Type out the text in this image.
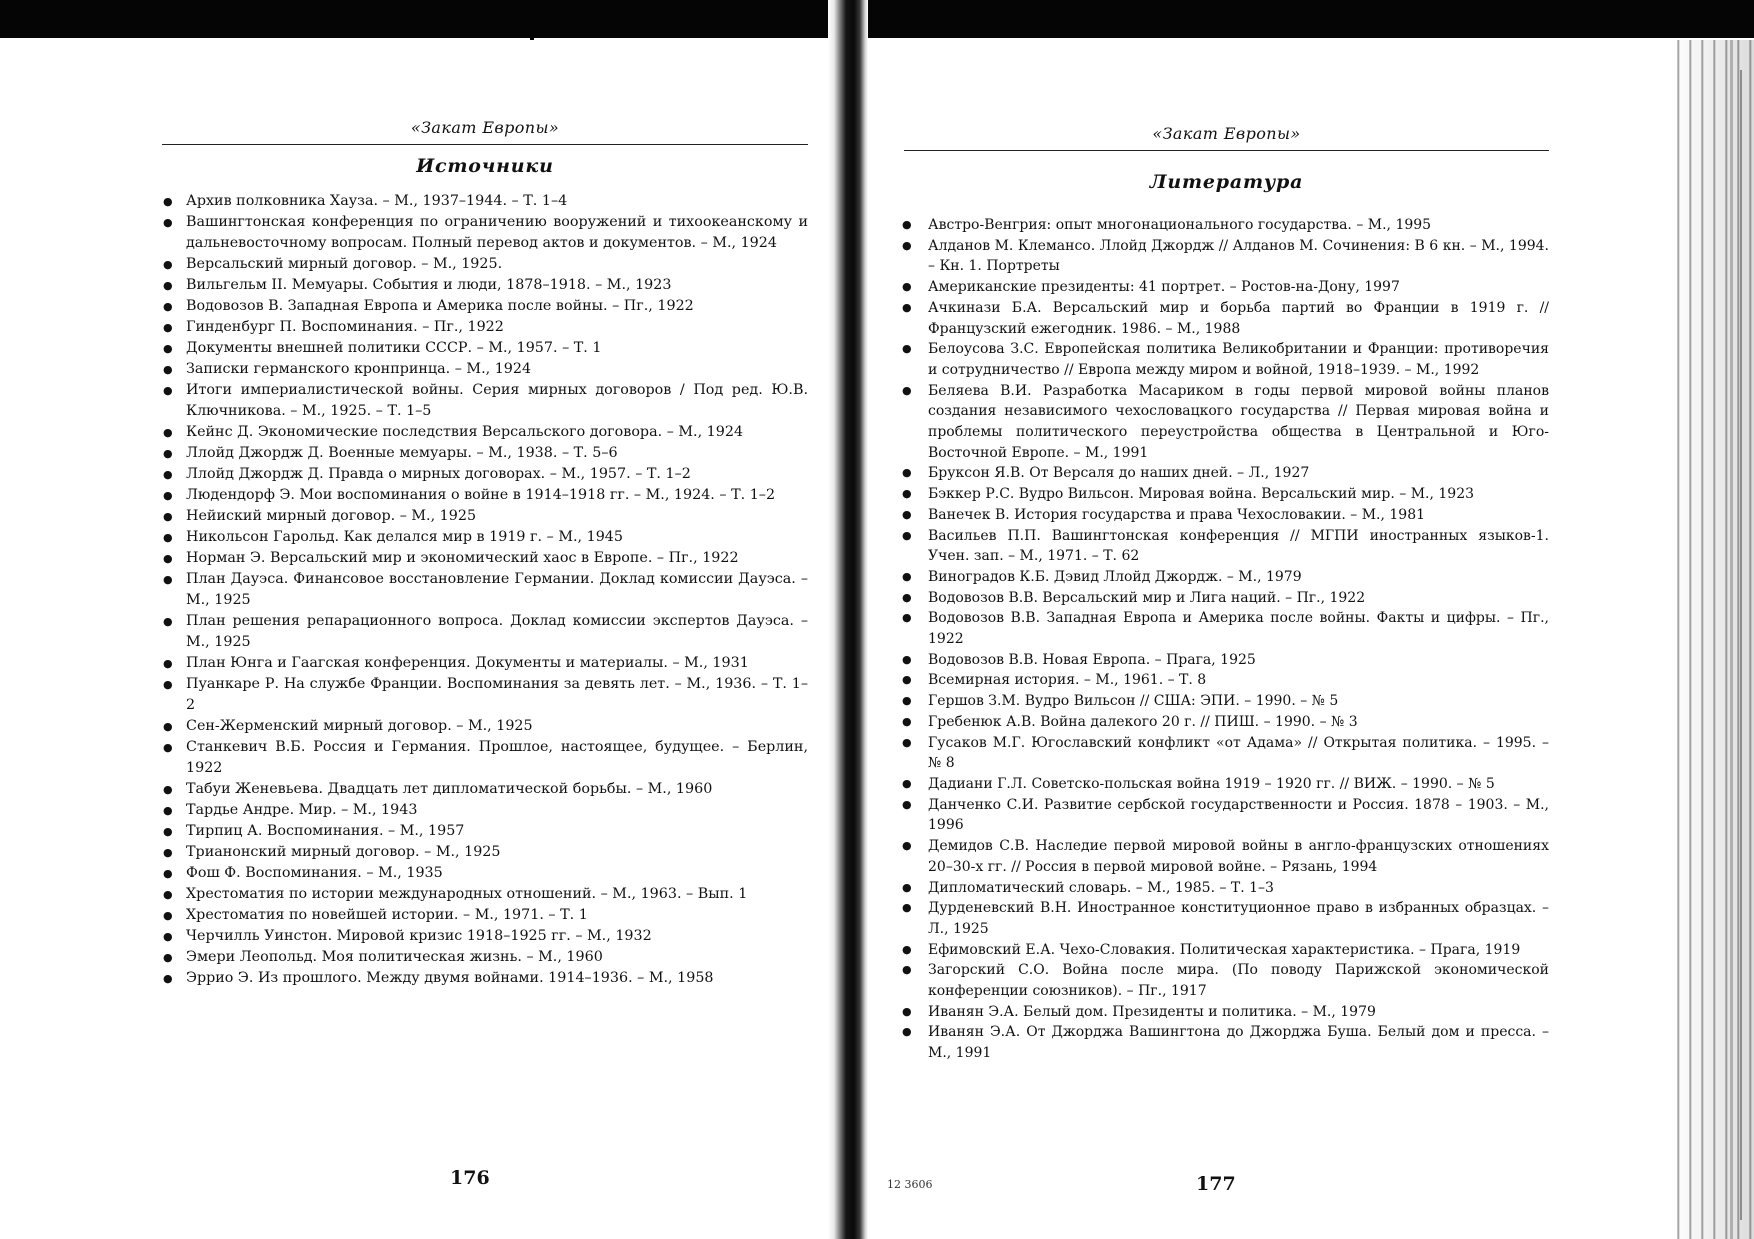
«Закат Европы»
Источники
● Архив полковника Хауза. – М., 1937–1944. – Т. 1–4
● Вашингтонская конференция по ограничению вооружений и тихоокеанскому и дальневосточному вопросам. Полный перевод актов и документов. – М., 1924
● Версальский мирный договор. – М., 1925.
● Вильгельм II. Мемуары. События и люди, 1878–1918. – М., 1923
● Водовозов В. Западная Европа и Америка после войны. – Пг., 1922
● Гинденбург П. Воспоминания. – Пг., 1922
● Документы внешней политики СССР. – М., 1957. – Т. 1
● Записки германского кронпринца. – М., 1924
● Итоги империалистической войны. Серия мирных договоров / Под ред. Ю.В. Ключникова. – М., 1925. – Т. 1–5
● Кейнс Д. Экономические последствия Версальского договора. – М., 1924
● Ллойд Джордж Д. Военные мемуары. – М., 1938. – Т. 5–6
● Ллойд Джордж Д. Правда о мирных договорах. – М., 1957. – Т. 1–2
● Людендорф Э. Мои воспоминания о войне в 1914–1918 гг. – М., 1924. – Т. 1–2
● Нейиский мирный договор. – М., 1925
● Никольсон Гарольд. Как делался мир в 1919 г. – М., 1945
● Норман Э. Версальский мир и экономический хаос в Европе. – Пг., 1922
● План Дауэса. Финансовое восстановление Германии. Доклад комиссии Дауэса. – М., 1925
● План решения репарационного вопроса. Доклад комиссии экспертов Дауэса. – М., 1925
● План Юнга и Гаагская конференция. Документы и материалы. – М., 1931
● Пуанкаре Р. На службе Франции. Воспоминания за девять лет. – М., 1936. – Т. 1–2
● Сен-Жерменский мирный договор. – М., 1925
● Станкевич В.Б. Россия и Германия. Прошлое, настоящее, будущее. – Берлин, 1922
● Табуи Женевьева. Двадцать лет дипломатической борьбы. – М., 1960
● Тардье Андре. Мир. – М., 1943
● Тирпиц А. Воспоминания. – М., 1957
● Трианонский мирный договор. – М., 1925
● Фош Ф. Воспоминания. – М., 1935
● Хрестоматия по истории международных отношений. – М., 1963. – Вып. 1
● Хрестоматия по новейшей истории. – М., 1971. – Т. 1
● Черчилль Уинстон. Мировой кризис 1918–1925 гг. – М., 1932
● Эмери Леопольд. Моя политическая жизнь. – М., 1960
● Эррио Э. Из прошлого. Между двумя войнами. 1914–1936. – М., 1958
«Закат Европы»
Литература
● Австро-Венгрия: опыт многонационального государства. – М., 1995
● Алданов М. Клемансо. Ллойд Джордж // Алданов М. Сочинения: В 6 кн. – М., 1994. – Кн. 1. Портреты
● Американские президенты: 41 портрет. – Ростов-на-Дону, 1997
● Ачкинази Б.А. Версальский мир и борьба партий во Франции в 1919 г. // Французский ежегодник. 1986. – М., 1988
● Белоусова З.С. Европейская политика Великобритании и Франции: противоречия и сотрудничество // Европа между миром и войной, 1918–1939. – М., 1992
● Беляева В.И. Разработка Масариком в годы первой мировой войны планов создания независимого чехословацкого государства // Первая мировая война и проблемы политического переустройства общества в Центральной и Юго-Восточной Европе. – М., 1991
● Бруксон Я.В. От Версаля до наших дней. – Л., 1927
● Бэккер Р.С. Вудро Вильсон. Мировая война. Версальский мир. – М., 1923
● Ванечек В. История государства и права Чехословакии. – М., 1981
● Васильев П.П. Вашингтонская конференция // МГПИ иностранных языков-1. Учен. зап. – М., 1971. – Т. 62
● Виноградов К.Б. Дэвид Ллойд Джордж. – М., 1979
● Водовозов В.В. Версальский мир и Лига наций. – Пг., 1922
● Водовозов В.В. Западная Европа и Америка после войны. Факты и цифры. – Пг., 1922
● Водовозов В.В. Новая Европа. – Прага, 1925
● Всемирная история. – М., 1961. – Т. 8
● Гершов З.М. Вудро Вильсон // США: ЭПИ. – 1990. – № 5
● Гребенюк А.В. Война далекого 20 г. // ПИШ. – 1990. – № 3
● Гусаков М.Г. Югославский конфликт «от Адама» // Открытая политика. – 1995. – № 8
● Дадиани Г.Л. Советско-польская война 1919 – 1920 гг. // ВИЖ. – 1990. – № 5
● Данченко С.И. Развитие сербской государственности и Россия. 1878 – 1903. – М., 1996
● Демидов С.В. Наследие первой мировой войны в англо-французских отношениях 20–30-х гг. // Россия в первой мировой войне. – Рязань, 1994
● Дипломатический словарь. – М., 1985. – Т. 1–3
● Дурденевский В.Н. Иностранное конституционное право в избранных образцах. – Л., 1925
● Ефимовский Е.А. Чехо-Словакия. Политическая характеристика. – Прага, 1919
● Загорский С.О. Война после мира. (По поводу Парижской экономической конференции союзников). – Пг., 1917
● Иванян Э.А. Белый дом. Президенты и политика. – М., 1979
● Иванян Э.А. От Джорджа Вашингтона до Джорджа Буша. Белый дом и пресса. – М., 1991
176	12 3606	177
